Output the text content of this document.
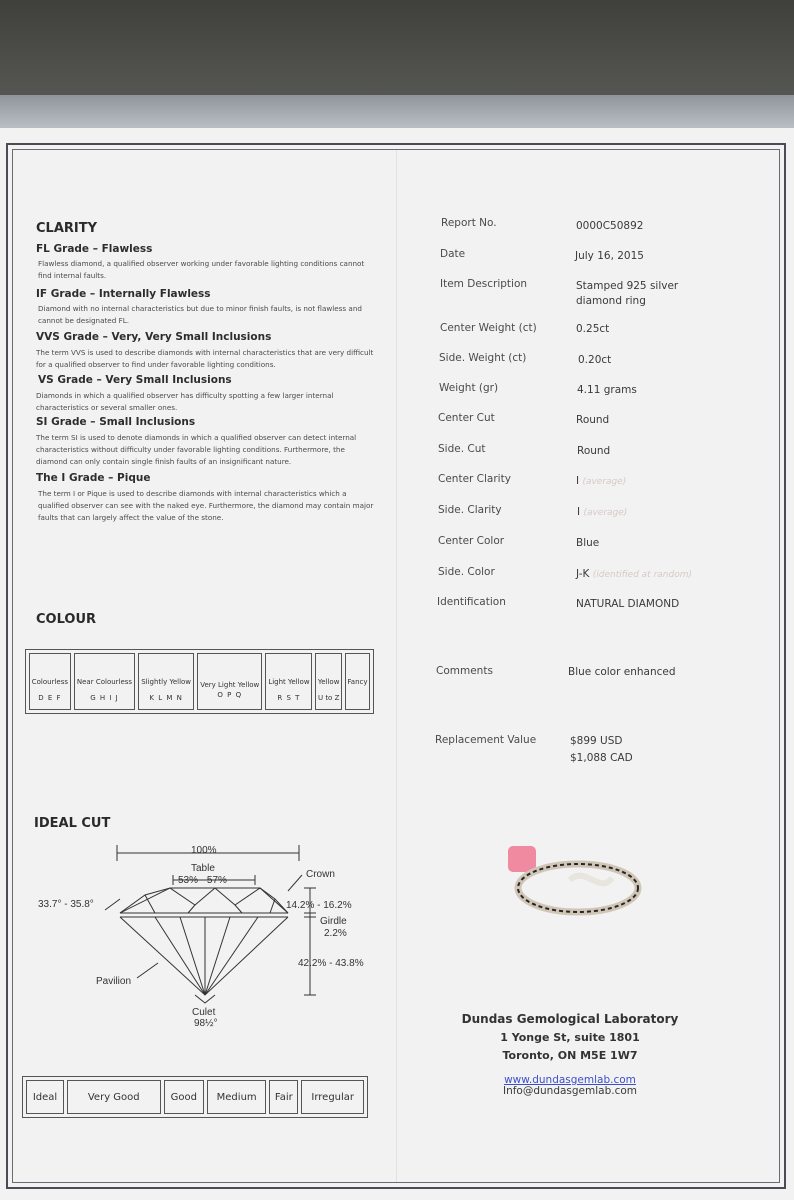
CLARITY
FL Grade – Flawless
Flawless diamond, a qualified observer working under favorable lighting conditions cannot find internal faults.
IF Grade – Internally Flawless
Diamond with no internal characteristics but due to minor finish faults, is not flawless and cannot be designated FL.
VVS Grade – Very, Very Small Inclusions
The term VVS is used to describe diamonds with internal characteristics that are very difficult for a qualified observer to find under favorable lighting conditions.
VS Grade – Very Small Inclusions
Diamonds in which a qualified observer has difficulty spotting a few larger internal characteristics or several smaller ones.
SI Grade – Small Inclusions
The term SI is used to denote diamonds in which a qualified observer can detect internal characteristics without difficulty under favorable lighting conditions. Furthermore, the diamond can only contain single finish faults of an insignificant nature.
The I Grade – Pique
The term I or Pique is used to describe diamonds with internal characteristics which a qualified observer can see with the naked eye. Furthermore, the diamond may contain major faults that can largely affect the value of the stone.
COLOUR
Colourless
D E F

Near Colourless
G H I J

Slightly Yellow
K L M N

Very Light Yellow
O P Q

Light Yellow
R S T

Yellow
U to Z

Fancy
IDEAL CUT
100%
Table
53% - 57%
Crown
33.7° - 35.8°	14.2% - 16.2%
Girdle
2.2%
42.2% - 43.8%
Pavilion
Culet
98½°
Ideal	Very Good	Good	Medium	Fair	Irregular
Report No.	0000C50892
Date	July 16, 2015
Item Description	Stamped 925 silver
diamond ring
Center Weight (ct)	0.25ct
Side. Weight (ct)	0.20ct
Weight (gr)	4.11 grams
Center Cut	Round
Side. Cut	Round
Center Clarity	I (average)
Side. Clarity	I (average)
Center Color	Blue
Side. Color	J-K (identified at random)
Identification	NATURAL DIAMOND
Comments	Blue color enhanced
Replacement Value	$899 USD
$1,088 CAD
Dundas Gemological Laboratory
1 Yonge St, suite 1801
Toronto, ON M5E 1W7
www.dundasgemlab.com
Info@dundasgemlab.com
